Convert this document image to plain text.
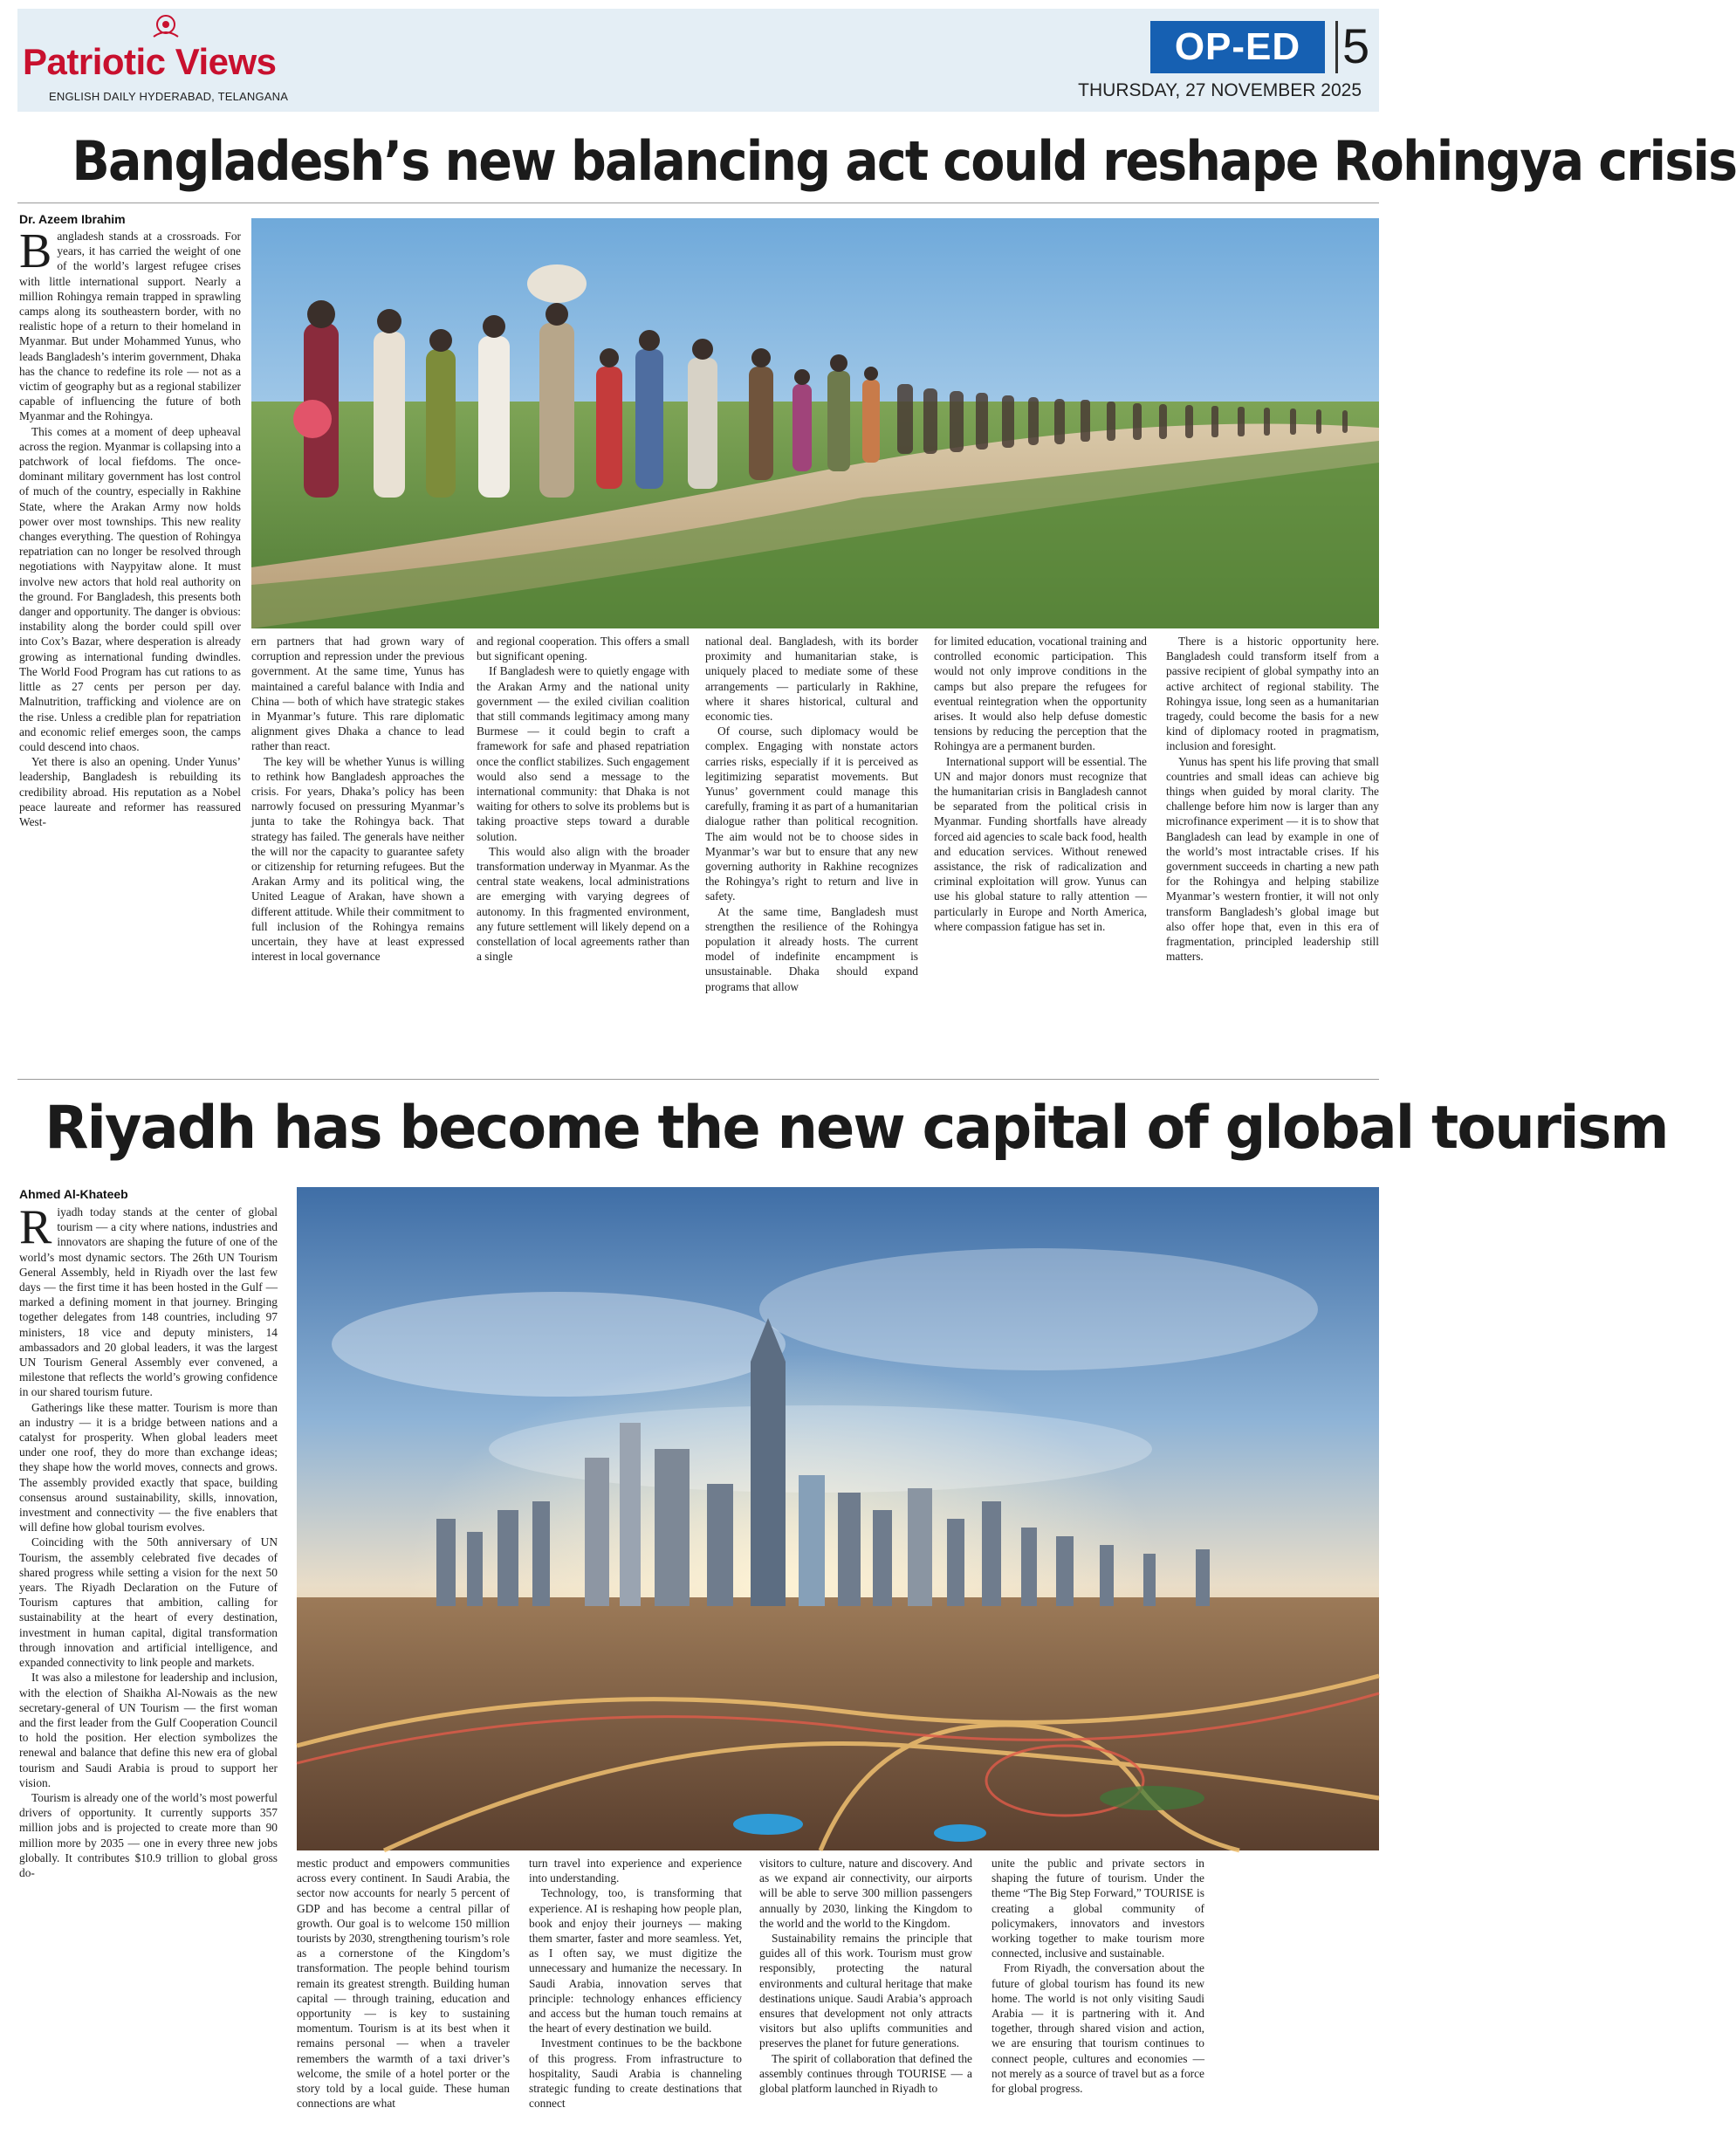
Patriotic Views
ENGLISH DAILY HYDERABAD, TELANGANA
OP-ED 5
THURSDAY, 27 NOVEMBER 2025
Bangladesh’s new balancing act could reshape Rohingya crisis
Dr. Azeem Ibrahim

Bangladesh stands at a crossroads. For years, it has carried the weight of one of the world’s largest refugee crises with little international support. Nearly a million Rohingya remain trapped in sprawling camps along its southeastern border, with no realistic hope of a return to their homeland in Myanmar. But under Mohammed Yunus, who leads Bangladesh’s interim government, Dhaka has the chance to redefine its role — not as a victim of geography but as a regional stabilizer capable of influencing the future of both Myanmar and the Rohingya.

This comes at a moment of deep upheaval across the region. Myanmar is collapsing into a patchwork of local fiefdoms. The once-dominant military government has lost control of much of the country, especially in Rakhine State, where the Arakan Army now holds power over most townships. This new reality changes everything. The question of Rohingya repatriation can no longer be resolved through negotiations with Naypyitaw alone. It must involve new actors that hold real authority on the ground. For Bangladesh, this presents both danger and opportunity. The danger is obvious: instability along the border could spill over into Cox’s Bazar, where desperation is already growing as international funding dwindles. The World Food Program has cut rations to as little as 27 cents per person per day. Malnutrition, trafficking and violence are on the rise. Unless a credible plan for repatriation and economic relief emerges soon, the camps could descend into chaos.

Yet there is also an opening. Under Yunus’ leadership, Bangladesh is rebuilding its credibility abroad. His reputation as a Nobel peace laureate and reformer has reassured West-

ern partners that had grown wary of corruption and repression under the previous government. At the same time, Yunus has maintained a careful balance with India and China — both of which have strategic stakes in Myanmar’s future. This rare diplomatic alignment gives Dhaka a chance to lead rather than react.

The key will be whether Yunus is willing to rethink how Bangladesh approaches the crisis. For years, Dhaka’s policy has been narrowly focused on pressuring Myanmar’s junta to take the Rohingya back. That strategy has failed. The generals have neither the will nor the capacity to guarantee safety or citizenship for returning refugees. But the Arakan Army and its political wing, the United League of Arakan, have shown a different attitude. While their commitment to full inclusion of the Rohingya remains uncertain, they have at least expressed interest in local governance

and regional cooperation. This offers a small but significant opening.

If Bangladesh were to quietly engage with the Arakan Army and the national unity government — the exiled civilian coalition that still commands legitimacy among many Burmese — it could begin to craft a framework for safe and phased repatriation once the conflict stabilizes. Such engagement would also send a message to the international community: that Dhaka is not waiting for others to solve its problems but is taking proactive steps toward a durable solution.

This would also align with the broader transformation underway in Myanmar. As the central state weakens, local administrations are emerging with varying degrees of autonomy. In this fragmented environment, any future settlement will likely depend on a constellation of local agreements rather than a single

national deal. Bangladesh, with its border proximity and humanitarian stake, is uniquely placed to mediate some of these arrangements — particularly in Rakhine, where it shares historical, cultural and economic ties.

Of course, such diplomacy would be complex. Engaging with nonstate actors carries risks, especially if it is perceived as legitimizing separatist movements. But Yunus’ government could manage this carefully, framing it as part of a humanitarian dialogue rather than political recognition. The aim would not be to choose sides in Myanmar’s war but to ensure that any new governing authority in Rakhine recognizes the Rohingya’s right to return and live in safety.

At the same time, Bangladesh must strengthen the resilience of the Rohingya population it already hosts. The current model of indefinite encampment is unsustainable. Dhaka should expand programs that allow

for limited education, vocational training and controlled economic participation. This would not only improve conditions in the camps but also prepare the refugees for eventual reintegration when the opportunity arises. It would also help defuse domestic tensions by reducing the perception that the Rohingya are a permanent burden.

International support will be essential. The UN and major donors must recognize that the humanitarian crisis in Bangladesh cannot be separated from the political crisis in Myanmar. Funding shortfalls have already forced aid agencies to scale back food, health and education services. Without renewed assistance, the risk of radicalization and criminal exploitation will grow. Yunus can use his global stature to rally attention — particularly in Europe and North America, where compassion fatigue has set in.

There is a historic opportunity here. Bangladesh could transform itself from a passive recipient of global sympathy into an active architect of regional stability. The Rohingya issue, long seen as a humanitarian tragedy, could become the basis for a new kind of diplomacy rooted in pragmatism, inclusion and foresight.

Yunus has spent his life proving that small countries and small ideas can achieve big things when guided by moral clarity. The challenge before him now is larger than any microfinance experiment — it is to show that Bangladesh can lead by example in one of the world’s most intractable crises. If his government succeeds in charting a new path for the Rohingya and helping stabilize Myanmar’s western frontier, it will not only transform Bangladesh’s global image but also offer hope that, even in this era of fragmentation, principled leadership still matters.

Riyadh has become the new capital of global tourism
Ahmed Al-Khateeb

Riyadh today stands at the center of global tourism — a city where nations, industries and innovators are shaping the future of one of the world’s most dynamic sectors. The 26th UN Tourism General Assembly, held in Riyadh over the last few days — the first time it has been hosted in the Gulf — marked a defining moment in that journey. Bringing together delegates from 148 countries, including 97 ministers, 18 vice and deputy ministers, 14 ambassadors and 20 global leaders, it was the largest UN Tourism General Assembly ever convened, a milestone that reflects the world’s growing confidence in our shared tourism future.

Gatherings like these matter. Tourism is more than an industry — it is a bridge between nations and a catalyst for prosperity. When global leaders meet under one roof, they do more than exchange ideas; they shape how the world moves, connects and grows. The assembly provided exactly that space, building consensus around sustainability, skills, innovation, investment and connectivity — the five enablers that will define how global tourism evolves.

Coinciding with the 50th anniversary of UN Tourism, the assembly celebrated five decades of shared progress while setting a vision for the next 50 years. The Riyadh Declaration on the Future of Tourism captures that ambition, calling for sustainability at the heart of every destination, investment in human capital, digital transformation through innovation and artificial intelligence, and expanded connectivity to link people and markets.

It was also a milestone for leadership and inclusion, with the election of Shaikha Al-Nowais as the new secretary-general of UN Tourism — the first woman and the first leader from the Gulf Cooperation Council to hold the position. Her election symbolizes the renewal and balance that define this new era of global tourism and Saudi Arabia is proud to support her vision.

Tourism is already one of the world’s most powerful drivers of opportunity. It currently supports 357 million jobs and is projected to create more than 90 million more by 2035 — one in every three new jobs globally. It contributes $10.9 trillion to global gross do-

mestic product and empowers communities across every continent. In Saudi Arabia, the sector now accounts for nearly 5 percent of GDP and has become a central pillar of growth. Our goal is to welcome 150 million tourists by 2030, strengthening tourism’s role as a cornerstone of the Kingdom’s transformation. The people behind tourism remain its greatest strength. Building human capital — through training, education and opportunity — is key to sustaining momentum. Tourism is at its best when it remains personal — when a traveler remembers the warmth of a taxi driver’s welcome, the smile of a hotel porter or the story told by a local guide. These human connections are what

turn travel into experience and experience into understanding.

Technology, too, is transforming that experience. AI is reshaping how people plan, book and enjoy their journeys — making them smarter, faster and more seamless. Yet, as I often say, we must digitize the unnecessary and humanize the necessary. In Saudi Arabia, innovation serves that principle: technology enhances efficiency and access but the human touch remains at the heart of every destination we build.

Investment continues to be the backbone of this progress. From infrastructure to hospitality, Saudi Arabia is channeling strategic funding to create destinations that connect

visitors to culture, nature and discovery. And as we expand air connectivity, our airports will be able to serve 300 million passengers annually by 2030, linking the Kingdom to the world and the world to the Kingdom.

Sustainability remains the principle that guides all of this work. Tourism must grow responsibly, protecting the natural environments and cultural heritage that make destinations unique. Saudi Arabia’s approach ensures that development not only attracts visitors but also uplifts communities and preserves the planet for future generations.

The spirit of collaboration that defined the assembly continues through TOURISE — a global platform launched in Riyadh to

unite the public and private sectors in shaping the future of tourism. Under the theme “The Big Step Forward,” TOURISE is creating a global community of policymakers, innovators and investors working together to make tourism more connected, inclusive and sustainable.

From Riyadh, the conversation about the future of global tourism has found its new home. The world is not only visiting Saudi Arabia — it is partnering with it. And together, through shared vision and action, we are ensuring that tourism continues to connect people, cultures and economies — not merely as a source of travel but as a force for global progress.
